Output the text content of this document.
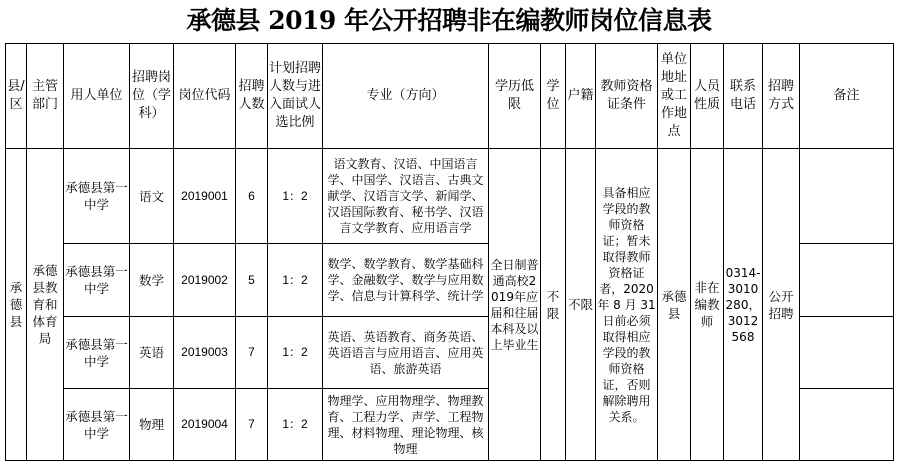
承德县 2019 年公开招聘非在编教师岗位信息表
县/区	主管部门	用人单位	招聘岗位（学科）	岗位代码	招聘人数	计划招聘人数与进入面试人选比例	专业（方向）	学历低限	学位	户籍	教师资格证条件	单位地址或工作地点	人员性质	联系电话	招聘方式	备注
承德县	承德县教育和体育局	承德县第一中学	语文	2019001	6	1：2	语文教育、汉语、中国语言学、中国学、汉语言、古典文献学、汉语言文学、新闻学、汉语国际教育、秘书学、汉语言文学教育、应用语言学	全日制普通高校2019年应届和往届本科及以上毕业生	不限	不限	具备相应学段的教师资格证；暂未取得教师资格证者，2020年 8 月 31 日前必须取得相应学段的教师资格证，否则解除聘用关系。	承德县	非在编教师	0314-3010280，3012568	公开招聘	
		承德县第一中学	数学	2019002	5	1：2	数学、数学教育、数学基础科学、金融数学、数学与应用数学、信息与计算科学、统计学									
		承德县第一中学	英语	2019003	7	1：2	英语、英语教育、商务英语、英语语言与应用语言、应用英语、旅游英语									
		承德县第一中学	物理	2019004	7	1：2	物理学、应用物理学、物理教育、工程力学、声学、工程物理、材料物理、理论物理、核物理									
